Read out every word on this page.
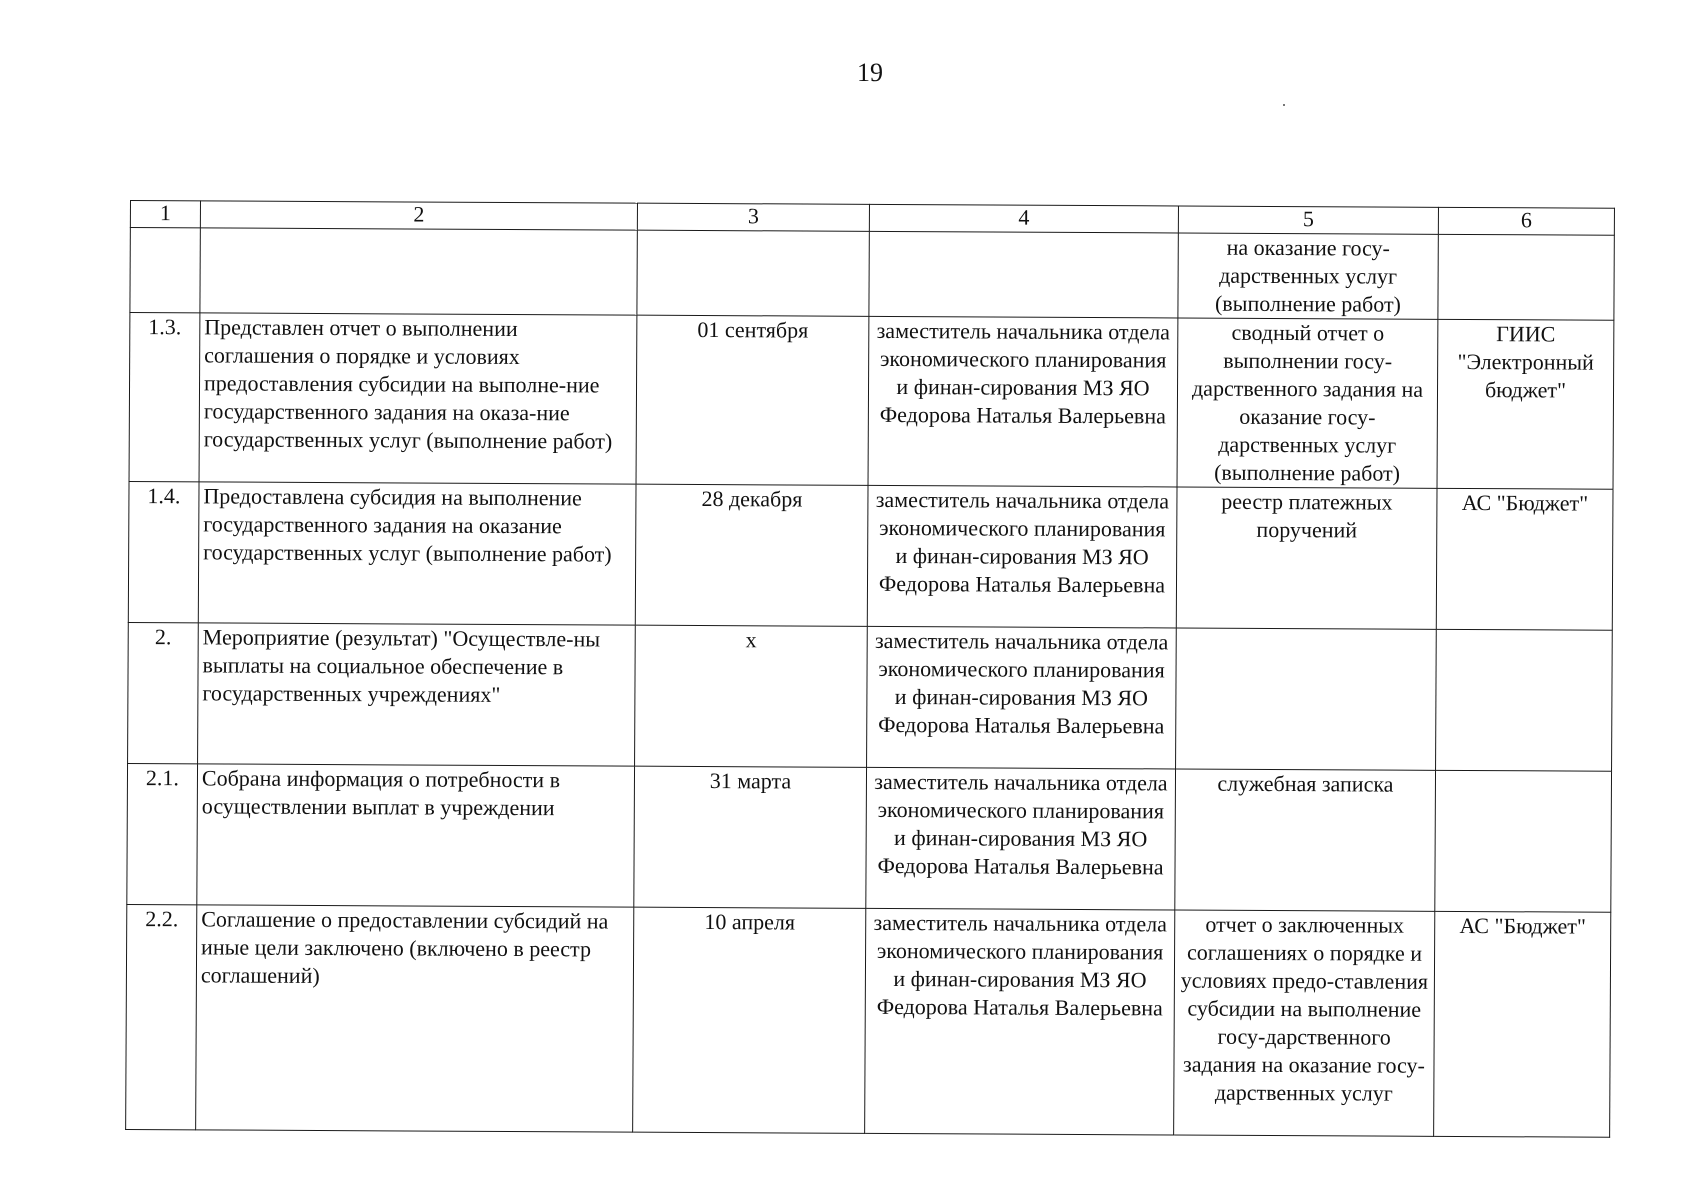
19
1	2	3	4	5	6
				на оказание госу-
дарственных услуг
(выполнение работ)	
1.3.	Представлен отчет о выполнении соглашения о порядке и условиях предоставления субсидии на выполне-ние государственного задания на оказа-ние государственных услуг (выполнение работ)	01 сентября	заместитель начальника отдела экономического планирования и финан-сирования МЗ ЯО Федорова Наталья Валерьевна	сводный отчет о выполнении госу-дарственного задания на оказание госу-дарственных услуг (выполнение работ)	ГИИС "Электронный бюджет"
1.4.	Предоставлена субсидия на выполнение государственного задания на оказание государственных услуг (выполнение работ)	28 декабря	заместитель начальника отдела экономического планирования и финан-сирования МЗ ЯО Федорова Наталья Валерьевна	реестр платежных поручений	АС "Бюджет"
2.	Мероприятие (результат) "Осуществле-ны выплаты на социальное обеспечение в государственных учреждениях"	х	заместитель начальника отдела экономического планирования и финан-сирования МЗ ЯО Федорова Наталья Валерьевна		
2.1.	Собрана информация о потребности в осуществлении выплат в учреждении	31 марта	заместитель начальника отдела экономического планирования и финан-сирования МЗ ЯО Федорова Наталья Валерьевна	служебная записка	
2.2.	Соглашение о предоставлении субсидий на иные цели заключено (включено в реестр соглашений)	10 апреля	заместитель начальника отдела экономического планирования и финан-сирования МЗ ЯО Федорова Наталья Валерьевна	отчет о заключенных соглашениях о порядке и условиях предо-ставления субсидии на выполнение госу-дарственного задания на оказание госу-дарственных услуг	АС "Бюджет"
